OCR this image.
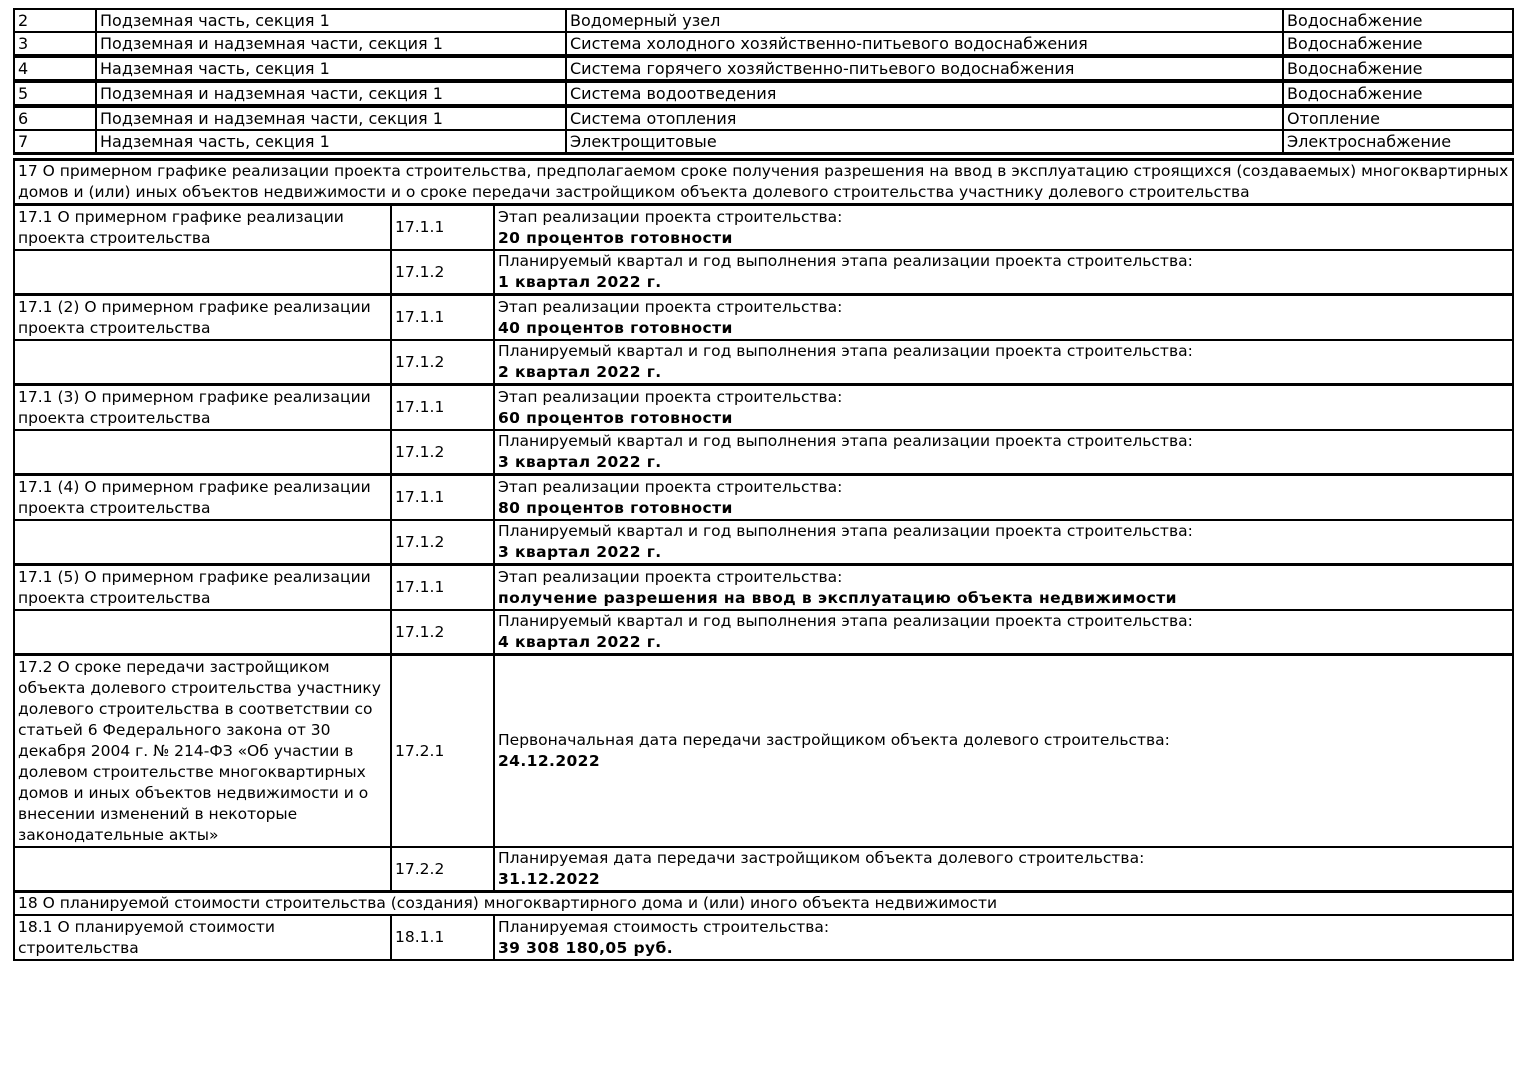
2	Подземная часть, секция 1	Водомерный узел	Водоснабжение
3	Подземная и надземная части, секция 1	Система холодного хозяйственно-питьевого водоснабжения	Водоснабжение
4	Надземная часть, секция 1	Система горячего хозяйственно-питьевого водоснабжения	Водоснабжение
5	Подземная и надземная части, секция 1	Система водоотведения	Водоснабжение
6	Подземная и надземная части, секция 1	Система отопления	Отопление
7	Надземная часть, секция 1	Электрощитовые	Электроснабжение
17 О примерном графике реализации проекта строительства, предполагаемом сроке получения разрешения на ввод в эксплуатацию строящихся (создаваемых) многоквартирных домов и (или) иных объектов недвижимости и о сроке передачи застройщиком объекта долевого строительства участнику долевого строительства		
17.1 О примерном графике реализации проекта строительства	17.1.1	Этап реализации проекта строительства:
20 процентов готовности

	17.1.2	Планируемый квартал и год выполнения этапа реализации проекта строительства:
1 квартал 2022 г.

17.1 (2) О примерном графике реализации проекта строительства	17.1.1	Этап реализации проекта строительства:
40 процентов готовности

	17.1.2	Планируемый квартал и год выполнения этапа реализации проекта строительства:
2 квартал 2022 г.

17.1 (3) О примерном графике реализации проекта строительства	17.1.1	Этап реализации проекта строительства:
60 процентов готовности

	17.1.2	Планируемый квартал и год выполнения этапа реализации проекта строительства:
3 квартал 2022 г.

17.1 (4) О примерном графике реализации проекта строительства	17.1.1	Этап реализации проекта строительства:
80 процентов готовности

	17.1.2	Планируемый квартал и год выполнения этапа реализации проекта строительства:
3 квартал 2022 г.

17.1 (5) О примерном графике реализации проекта строительства	17.1.1	Этап реализации проекта строительства:
получение разрешения на ввод в эксплуатацию объекта недвижимости

	17.1.2	Планируемый квартал и год выполнения этапа реализации проекта строительства:
4 квартал 2022 г.

17.2 О сроке передачи застройщиком объекта долевого строительства участнику долевого строительства в соответствии со статьей 6 Федерального закона от 30 декабря 2004 г. № 214-ФЗ «Об участии в долевом строительстве многоквартирных домов и иных объектов недвижимости и о внесении изменений в некоторые законодательные акты»	17.2.1	Первоначальная дата передачи застройщиком объекта долевого строительства:
24.12.2022

	17.2.2	Планируемая дата передачи застройщиком объекта долевого строительства:
31.12.2022

18 О планируемой стоимости строительства (создания) многоквартирного дома и (или) иного объекта недвижимости		
18.1 О планируемой стоимости строительства	18.1.1	Планируемая стоимость строительства:
39 308 180,05 руб.
